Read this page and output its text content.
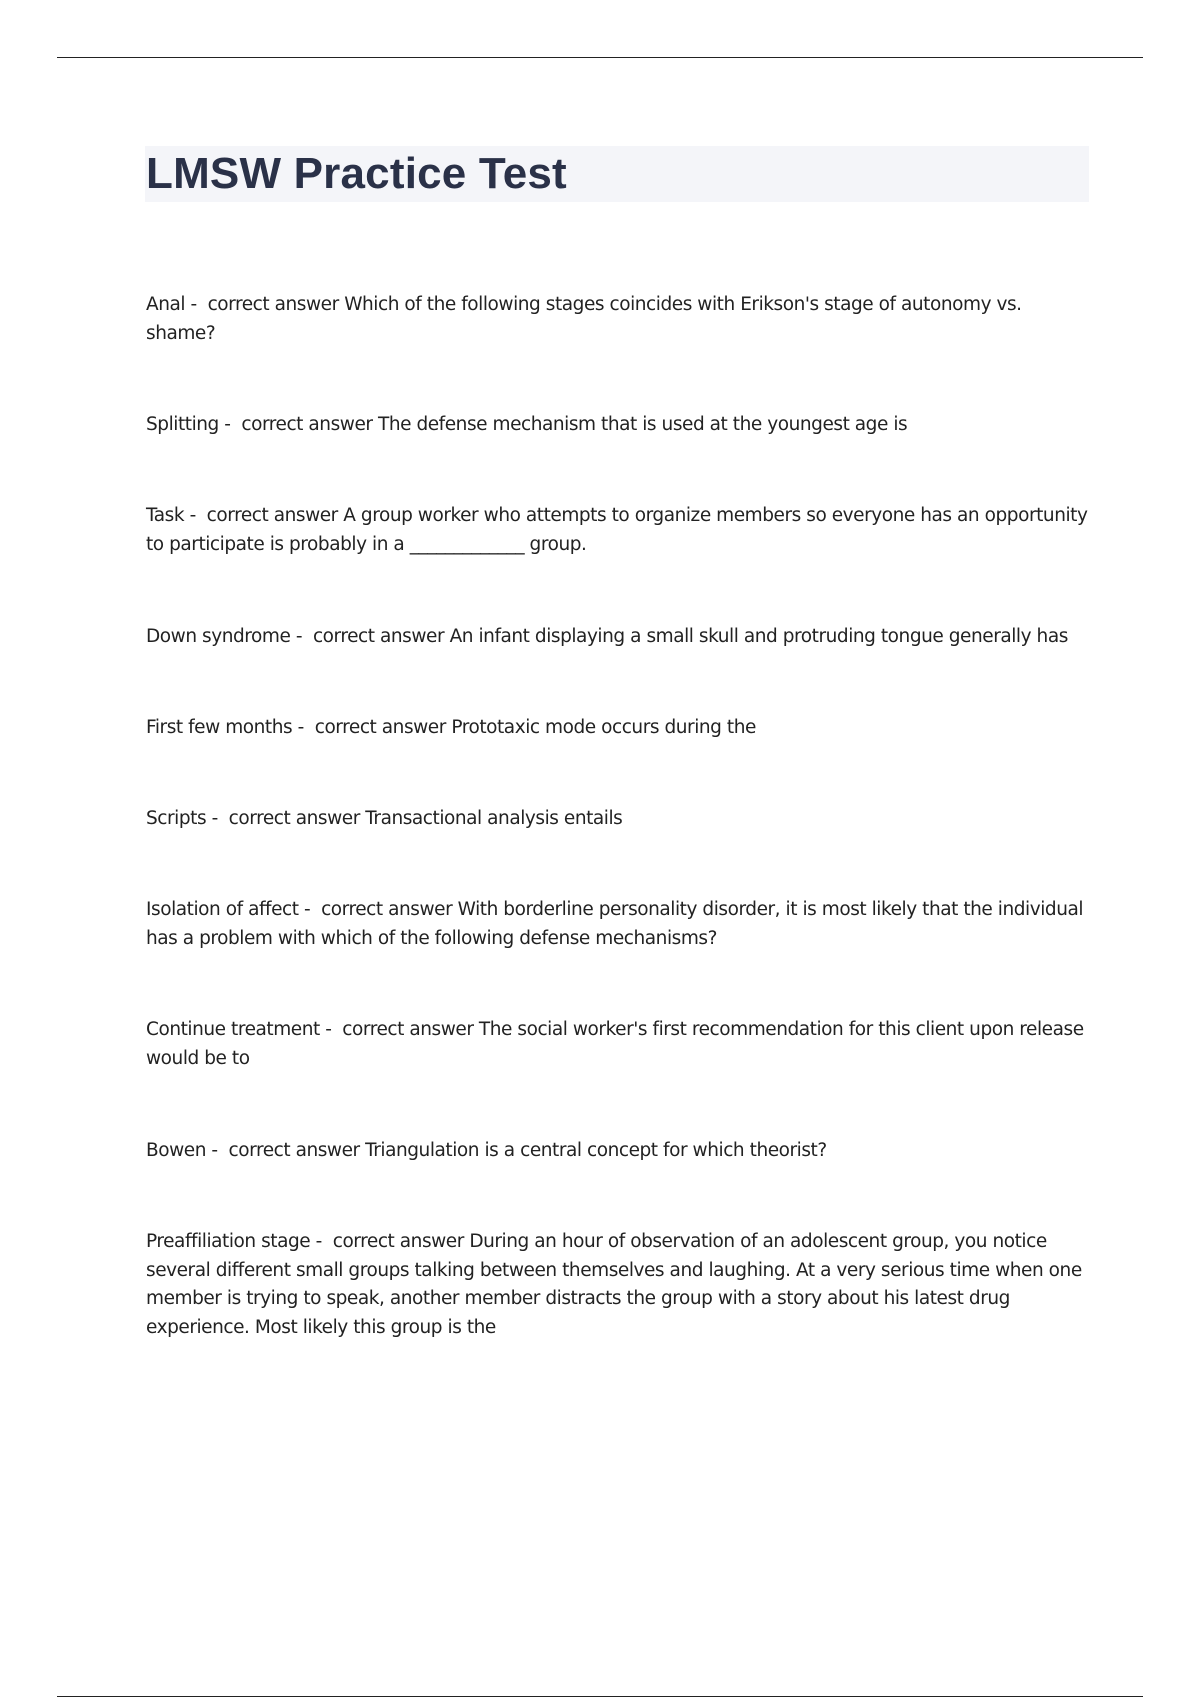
LMSW Practice Test

Anal -  correct answer Which of the following stages coincides with Erikson's stage of autonomy vs. shame?

Splitting -  correct answer The defense mechanism that is used at the youngest age is

Task -  correct answer A group worker who attempts to organize members so everyone has an opportunity to participate is probably in a _____________ group.

Down syndrome -  correct answer An infant displaying a small skull and protruding tongue generally has

First few months -  correct answer Prototaxic mode occurs during the

Scripts -  correct answer Transactional analysis entails

Isolation of affect -  correct answer With borderline personality disorder, it is most likely that the individual has a problem with which of the following defense mechanisms?

Continue treatment -  correct answer The social worker's first recommendation for this client upon release would be to

Bowen -  correct answer Triangulation is a central concept for which theorist?

Preaffiliation stage -  correct answer During an hour of observation of an adolescent group, you notice several different small groups talking between themselves and laughing. At a very serious time when one member is trying to speak, another member distracts the group with a story about his latest drug experience. Most likely this group is the
